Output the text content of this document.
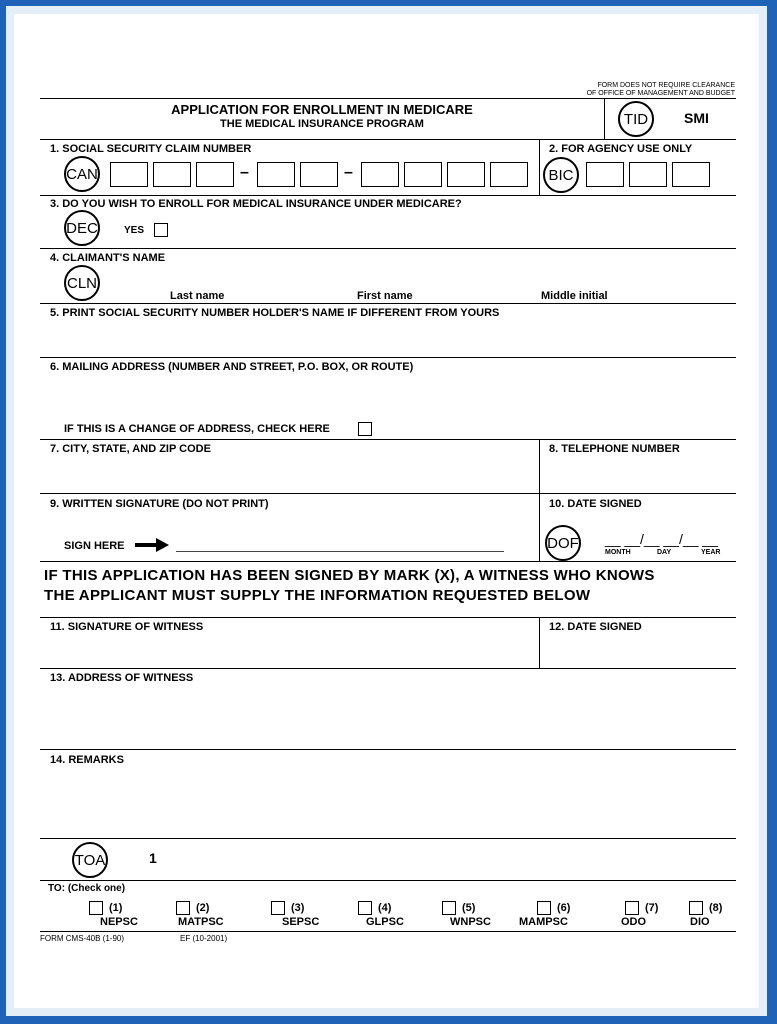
FORM DOES NOT REQUIRE CLEARANCE
OF OFFICE OF MANAGEMENT AND BUDGET
APPLICATION FOR ENROLLMENT IN MEDICARE
THE MEDICAL INSURANCE PROGRAM	TID	SMI
1. SOCIAL SECURITY CLAIM NUMBER
CAN	–	–
2. FOR AGENCY USE ONLY
BIC
3. DO YOU WISH TO ENROLL FOR MEDICAL INSURANCE UNDER MEDICARE?
DEC	YES
4. CLAIMANT'S NAME
CLN
Last name	First name	Middle initial
5. PRINT SOCIAL SECURITY NUMBER HOLDER'S NAME IF DIFFERENT FROM YOURS
6. MAILING ADDRESS (NUMBER AND STREET, P.O. BOX, OR ROUTE)
IF THIS IS A CHANGE OF ADDRESS, CHECK HERE
7. CITY, STATE, AND ZIP CODE	8. TELEPHONE NUMBER
9. WRITTEN SIGNATURE (DO NOT PRINT)
SIGN HERE
10. DATE SIGNED
DOF __ __/__ __/__ __
MONTH	DAY	YEAR
IF THIS APPLICATION HAS BEEN SIGNED BY MARK (X), A WITNESS WHO KNOWS
THE APPLICANT MUST SUPPLY THE INFORMATION REQUESTED BELOW
11. SIGNATURE OF WITNESS	12. DATE SIGNED
13. ADDRESS OF WITNESS
14. REMARKS
TOA	1
TO: (Check one)
(1)
NEPSC
(2)
MATPSC
(3)
SEPSC
(4)
GLPSC
(5)
WNPSC
(6)
MAMPSC
(7)
ODO
(8)
DIO
FORM CMS-40B (1-90)	EF (10-2001)
